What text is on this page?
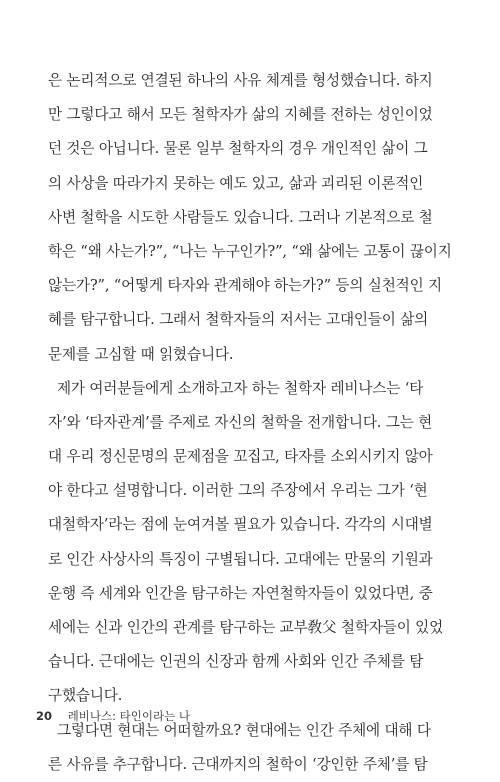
은 논리적으로 연결된 하나의 사유 체계를 형성했습니다. 하지
만 그렇다고 해서 모든 철학자가 삶의 지혜를 전하는 성인이었
던 것은 아닙니다. 물론 일부 철학자의 경우 개인적인 삶이 그
의 사상을 따라가지 못하는 예도 있고, 삶과 괴리된 이론적인
사변 철학을 시도한 사람들도 있습니다. 그러나 기본적으로 철
학은 “왜 사는가?”, “나는 누구인가?”, “왜 삶에는 고통이 끊이지
않는가?”, “어떻게 타자와 관계해야 하는가?” 등의 실천적인 지
혜를 탐구합니다. 그래서 철학자들의 저서는 고대인들이 삶의
문제를 고심할 때 읽혔습니다.
제가 여러분들에게 소개하고자 하는 철학자 레비나스는 ‘타
자’와 ‘타자관계’를 주제로 자신의 철학을 전개합니다. 그는 현
대 우리 정신문명의 문제점을 꼬집고, 타자를 소외시키지 않아
야 한다고 설명합니다. 이러한 그의 주장에서 우리는 그가 ‘현
대철학자’라는 점에 눈여겨볼 필요가 있습니다. 각각의 시대별
로 인간 사상사의 특징이 구별됩니다. 고대에는 만물의 기원과
운행 즉 세계와 인간을 탐구하는 자연철학자들이 있었다면, 중
세에는 신과 인간의 관계를 탐구하는 교부敎父 철학자들이 있었
습니다. 근대에는 인권의 신장과 함께 사회와 인간 주체를 탐
구했습니다.
그렇다면 현대는 어떠할까요? 현대에는 인간 주체에 대해 다
른 사유를 추구합니다. 근대까지의 철학이 ‘강인한 주체’를 탐
20 레비나스: 타인이라는 나
